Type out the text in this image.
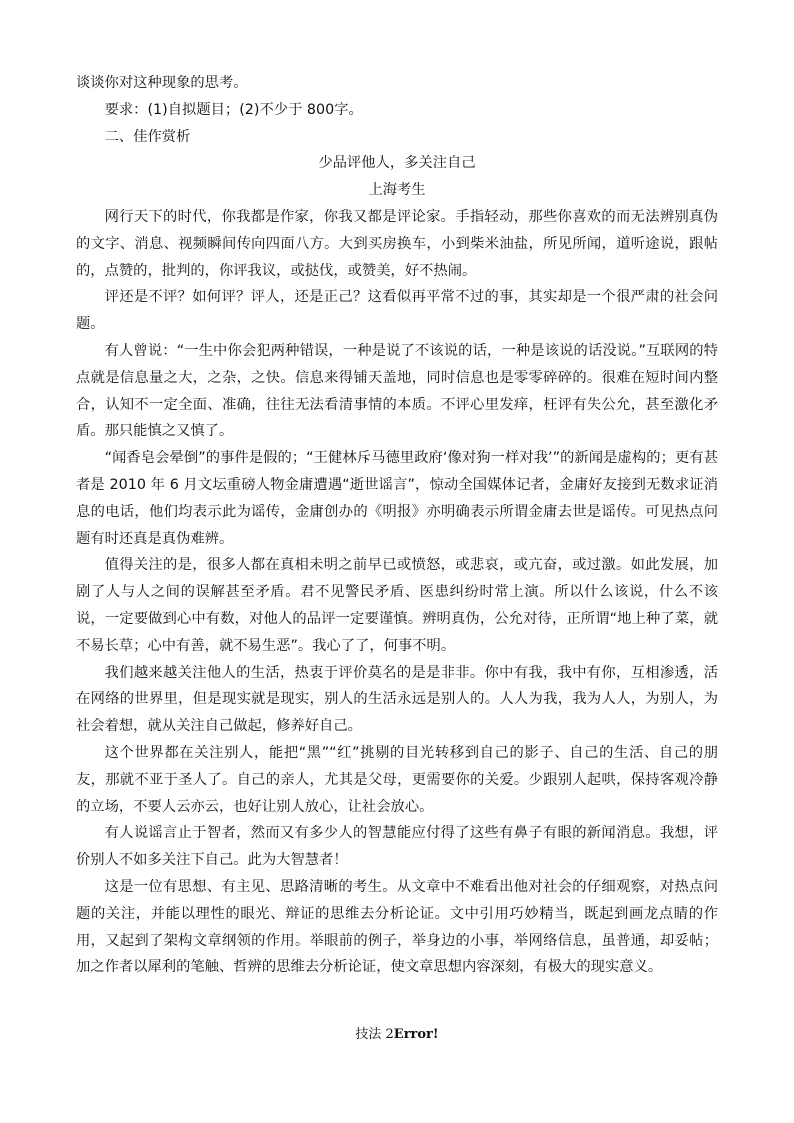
谈谈你对这种现象的思考。

要求：(1)自拟题目；(2)不少于 800字。

二、佳作赏析

少品评他人，多关注自己

上海考生

网行天下的时代，你我都是作家，你我又都是评论家。手指轻动，那些你喜欢的而无法辨别真伪的文字、消息、视频瞬间传向四面八方。大到买房换车，小到柴米油盐，所见所闻，道听途说，跟帖的，点赞的，批判的，你评我议，或挞伐，或赞美，好不热闹。

评还是不评？如何评？评人，还是正己？这看似再平常不过的事，其实却是一个很严肃的社会问题。

有人曾说：“一生中你会犯两种错误，一种是说了不该说的话，一种是该说的话没说。”互联网的特点就是信息量之大，之杂，之快。信息来得铺天盖地，同时信息也是零零碎碎的。很难在短时间内整合，认知不一定全面、准确，往往无法看清事情的本质。不评心里发痒，枉评有失公允，甚至激化矛盾。那只能慎之又慎了。

“闻香皂会晕倒”的事件是假的；“王健林斥马德里政府‘像对狗一样对我’”的新闻是虚构的；更有甚者是 2010 年 6 月文坛重磅人物金庸遭遇“逝世谣言”，惊动全国媒体记者，金庸好友接到无数求证消息的电话，他们均表示此为谣传，金庸创办的《明报》亦明确表示所谓金庸去世是谣传。可见热点问题有时还真是真伪难辨。

值得关注的是，很多人都在真相未明之前早已或愤怒，或悲哀，或亢奋，或过激。如此发展，加剧了人与人之间的误解甚至矛盾。君不见警民矛盾、医患纠纷时常上演。所以什么该说，什么不该说，一定要做到心中有数，对他人的品评一定要谨慎。辨明真伪，公允对待，正所谓“地上种了菜，就不易长草；心中有善，就不易生恶”。我心了了，何事不明。

我们越来越关注他人的生活，热衷于评价莫名的是是非非。你中有我，我中有你，互相渗透，活在网络的世界里，但是现实就是现实，别人的生活永远是别人的。人人为我，我为人人，为别人，为社会着想，就从关注自己做起，修养好自己。

这个世界都在关注别人，能把“黑”“红”挑剔的目光转移到自己的影子、自己的生活、自己的朋友，那就不亚于圣人了。自己的亲人，尤其是父母，更需要你的关爱。少跟别人起哄，保持客观冷静的立场，不要人云亦云，也好让别人放心，让社会放心。

有人说谣言止于智者，然而又有多少人的智慧能应付得了这些有鼻子有眼的新闻消息。我想，评价别人不如多关注下自己。此为大智慧者！

这是一位有思想、有主见、思路清晰的考生。从文章中不难看出他对社会的仔细观察，对热点问题的关注，并能以理性的眼光、辩证的思维去分析论证。文中引用巧妙精当，既起到画龙点睛的作用，又起到了架构文章纲领的作用。举眼前的例子，举身边的小事，举网络信息，虽普通，却妥帖；加之作者以犀利的笔触、哲辨的思维去分析论证，使文章思想内容深刻，有极大的现实意义。

技法 2Error!
